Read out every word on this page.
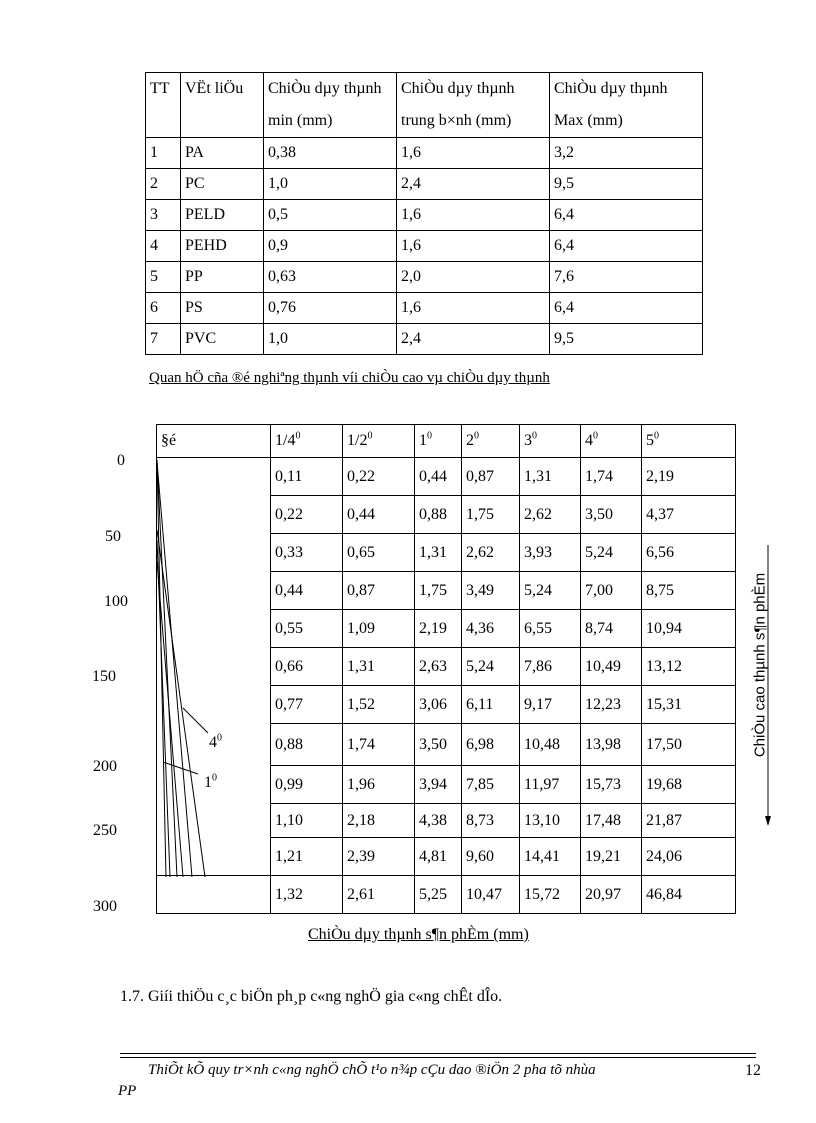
TT	VËt liÖu	ChiÒu dµy thµnh min (mm)	ChiÒu dµy thµnh trung b×nh (mm)	ChiÒu dµy thµnh Max (mm)
1	PA	0,38	1,6	3,2
2	PC	1,0	2,4	9,5
3	PELD	0,5	1,6	6,4
4	PEHD	0,9	1,6	6,4
5	PP	0,63	2,0	7,6
6	PS	0,76	1,6	6,4
7	PVC	1,0	2,4	9,5
Quan hÖ cña ®é nghiªng thµnh víi chiÒu cao vµ chiÒu dµy thµnh
§é	$1/4^0$	$1/2^0$	$1^0$	$2^0$	$3^0$	$4^0$	$5^0$
	0,11	0,22	0,44	0,87	1,31	1,74	2,19
	0,22	0,44	0,88	1,75	2,62	3,50	4,37
	0,33	0,65	1,31	2,62	3,93	5,24	6,56
	0,44	0,87	1,75	3,49	5,24	7,00	8,75
	0,55	1,09	2,19	4,36	6,55	8,74	10,94
	0,66	1,31	2,63	5,24	7,86	10,49	13,12
	0,77	1,52	3,06	6,11	9,17	12,23	15,31
	0,88	1,74	3,50	6,98	10,48	13,98	17,50
	0,99	1,96	3,94	7,85	11,97	15,73	19,68
	1,10	2,18	4,38	8,73	13,10	17,48	21,87
	1,21	2,39	4,81	9,60	14,41	19,21	24,06
	1,32	2,61	5,25	10,47	15,72	20,97	46,84
0
50
100
150
200
250
300
$4^0$
$1^0$
ChiÒu cao thµnh s¶n phÈm
ChiÒu dµy thµnh s¶n phÈm (mm)
1.7. Giíi thiÖu c¸c biÖn ph¸p c«ng nghÖ gia c«ng chÊt dÎo.
ThiÕt kÕ quy tr×nh c«ng nghÖ chÕ t¹o n¾p cÇu dao ®iÖn 2 pha tõ nhùa
PP
12
